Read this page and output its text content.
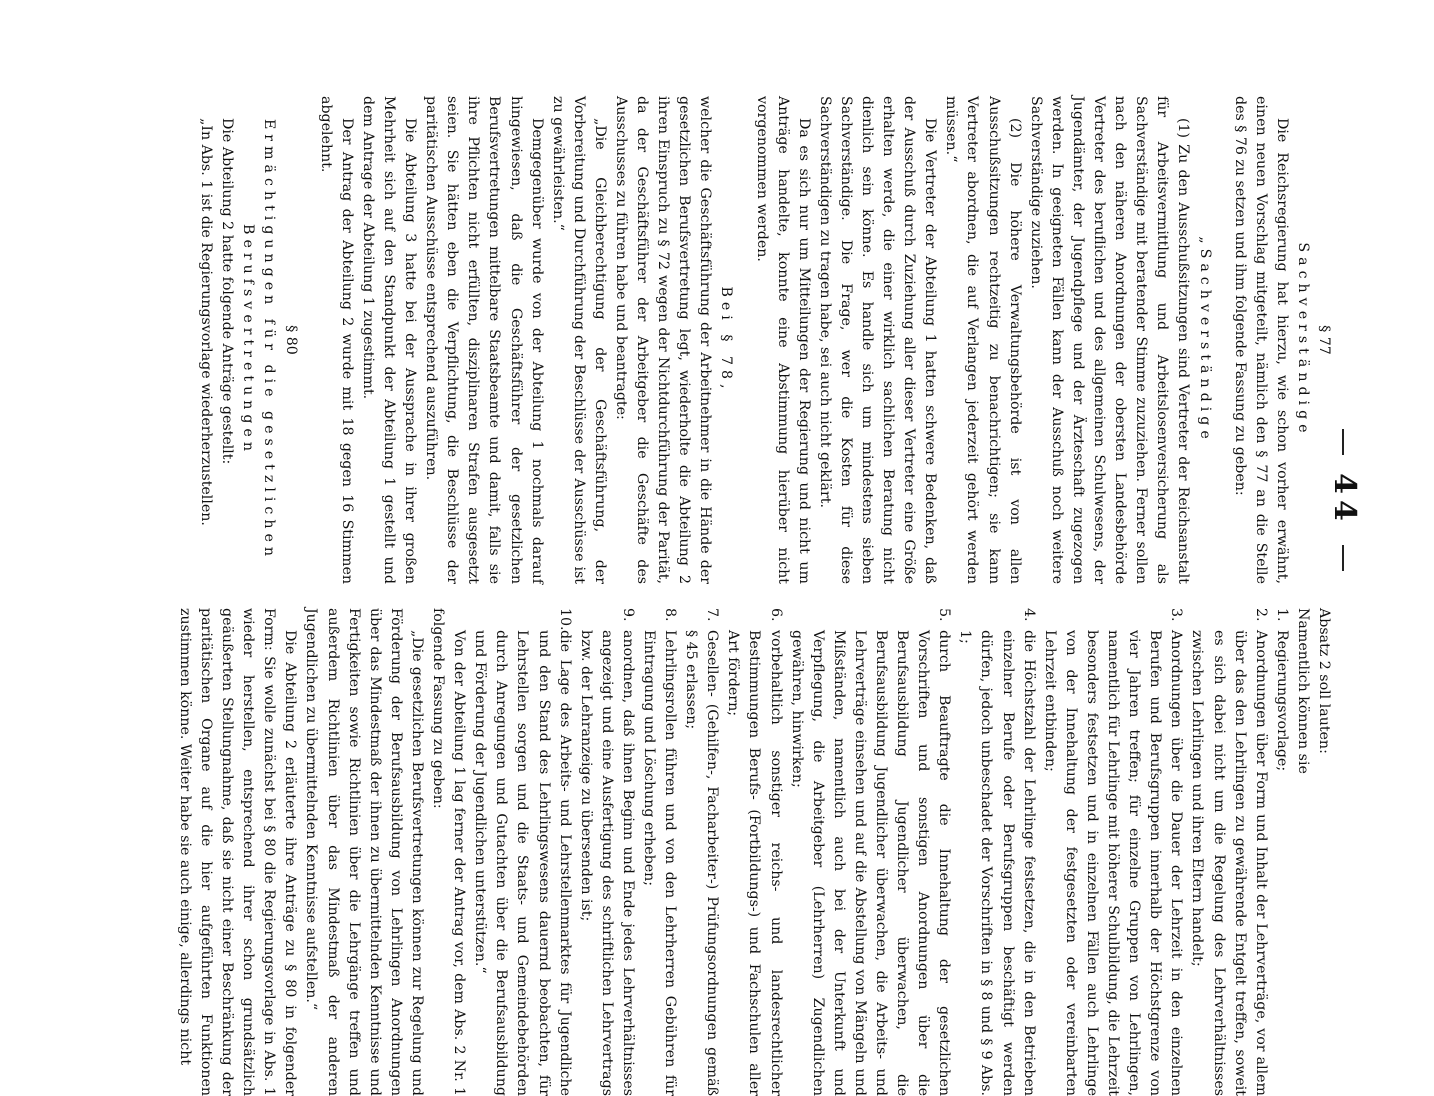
44

§ 77

Sachverständige

Die Reichsregierung hat hierzu, wie schon vorher erwähnt, einen neuen Vorschlag mitgeteilt, nämlich den § 77 an die Stelle des § 76 zu setzen und ihm folgende Fassung zu geben:

„Sachverständige

(1) Zu den Ausschußsitzungen sind Vertreter der Reichsanstalt für Arbeitsvermittlung und Arbeitslosenversicherung als Sachverständige mit beratender Stimme zuzuziehen. Ferner sollen nach den näheren Anordnungen der obersten Landesbehörde Vertreter des beruflichen und des allgemeinen Schulwesens, der Jugendämter, der Jugendpflege und der Ärzteschaft zugezogen werden. In geeigneten Fällen kann der Ausschuß noch weitere Sachverständige zuziehen.

(2) Die höhere Verwaltungsbehörde ist von allen Ausschußsitzungen rechtzeitig zu benachrichtigen; sie kann Vertreter abordnen, die auf Verlangen jederzeit gehört werden müssen.“

Die Vertreter der Abteilung 1 hatten schwere Bedenken, daß der Ausschuß durch Zuziehung aller dieser Vertreter eine Größe erhalten werde, die einer wirklich sachlichen Beratung nicht dienlich sein könne. Es handle sich um mindestens sieben Sachverständige. Die Frage, wer die Kosten für diese Sachverständigen zu tragen habe, sei auch nicht geklärt.

Da es sich nur um Mitteilungen der Regierung und nicht um Anträge handelte, konnte eine Abstimmung hierüber nicht vorgenommen werden.

Bei § 78,

welcher die Geschäftsführung der Arbeitnehmer in die Hände der gesetzlichen Berufsvertretung legt, wiederholte die Abteilung 2 ihren Einspruch zu § 72 wegen der Nichtdurchführung der Parität, da der Geschäftsführer der Arbeitgeber die Geschäfte des Ausschusses zu führen habe und beantragte:

„Die Gleichberechtigung der Geschäftsführung, der Vorbereitung und Durchführung der Beschlüsse der Ausschüsse ist zu gewährleisten.“

Demgegenüber wurde von der Abteilung 1 nochmals darauf hingewiesen, daß die Geschäftsführer der gesetzlichen Berufsvertretungen mittelbare Staatsbeamte und damit, falls sie ihre Pflichten nicht erfüllten, disziplinaren Strafen ausgesetzt seien. Sie hätten eben die Verpflichtung, die Beschlüsse der paritätischen Ausschüsse entsprechend auszuführen.

Die Abteilung 3 hatte bei der Aussprache in ihrer großen Mehrheit sich auf den Standpunkt der Abteilung 1 gestellt und dem Antrage der Abteilung 1 zugestimmt.

Der Antrag der Abteilung 2 wurde mit 18 gegen 16 Stimmen abgelehnt.

§ 80

Ermächtigungen für die gesetzlichen

Berufsvertretungen

Die Abteilung 2 hatte folgende Anträge gestellt:

„In Abs. 1 ist die Regierungsvorlage wiederherzustellen.

Absatz 2 soll lauten:

Namentlich können sie

1.
Regierungsvorlage;
2.
Anordnungen über Form und Inhalt der Lehrverträge, vor allem über das den Lehrlingen zu gewährende Entgelt treffen, soweit es sich dabei nicht um die Regelung des Lehrverhältnisses zwischen Lehrlingen und ihren Eltern handelt;
3.
Anordnungen über die Dauer der Lehrzeit in den einzelnen Berufen und Berufsgruppen innerhalb der Höchstgrenze von vier Jahren treffen; für einzelne Gruppen von Lehrlingen, namentlich für Lehrlinge mit höherer Schulbildung, die Lehrzeit besonders festsetzen und in einzelnen Fällen auch Lehrlinge von der Innehaltung der festgesetzten oder vereinbarten Lehrzeit entbinden;
4.
die Höchstzahl der Lehrlinge festsetzen, die in den Betrieben einzelner Berufe oder Berufsgruppen beschäftigt werden dürfen, jedoch unbeschadet der Vorschriften in § 8 und § 9 Abs. 1;
5.
durch Beauftragte die Innehaltung der gesetzlichen Vorschriften und sonstigen Anordnungen über die Berufsausbildung Jugendlicher überwachen, die Berufsausbildung Jugendlicher überwachen, die Arbeits- und Lehrverträge einsehen und auf die Abstellung von Mängeln und Mißständen, namentlich auch bei der Unterkunft und Verpflegung, die Arbeitgeber (Lehrherren) Zugendlichen gewähren, hinwirken;
6.
vorbehaltlich sonstiger reichs- und landesrechtlicher Bestimmungen Berufs- (Fortbildungs-) und Fachschulen aller Art fördern;
7.
Gesellen- (Gehilfen-, Facharbeiter-) Prüfungsordnungen gemäß § 45 erlassen;
8.
Lehrlingsrollen führen und von den Lehrherren Gebühren für Eintragung und Löschung erheben;
9.
anordnen, daß ihnen Beginn und Ende jedes Lehrverhältnisses angezeigt und eine Ausfertigung des schriftlichen Lehrvertrags bzw. der Lehranzeige zu übersenden ist;
10.
die Lage des Arbeits- und Lehrstellenmarktes für Jugendliche und den Stand des Lehrlingswesens dauernd beobachten, für Lehrstellen sorgen und die Staats- und Gemeindebehörden durch Anregungen und Gutachten über die Berufsausbildung und Förderung der Jugendlichen unterstützen.“

Von der Abteilung 1 lag ferner der Antrag vor, dem Abs. 2 Nr. 1 folgende Fassung zu geben:

„Die gesetzlichen Berufsvertretungen können zur Regelung und Förderung der Berufsausbildung von Lehrlingen Anordnungen über das Mindestmaß der ihnen zu übermittelnden Kenntnisse und Fertigkeiten sowie Richtlinien über die Lehrgänge treffen und außerdem Richtlinien über das Mindestmaß der anderen Jugendlichen zu übermittelnden Kenntnisse aufstellen.“

Die Abteilung 2 erläuterte ihre Anträge zu § 80 in folgender Form: Sie wolle zunächst bei § 80 die Regierungsvorlage in Abs. 1 wieder herstellen, entsprechend ihrer schon grundsätzlich geäußerten Stellungnahme, daß sie nicht einer Beschränkung der paritätischen Organe auf die hier aufgeführten Funktionen zustimmen könne. Weiter habe sie auch einige, allerdings nicht
